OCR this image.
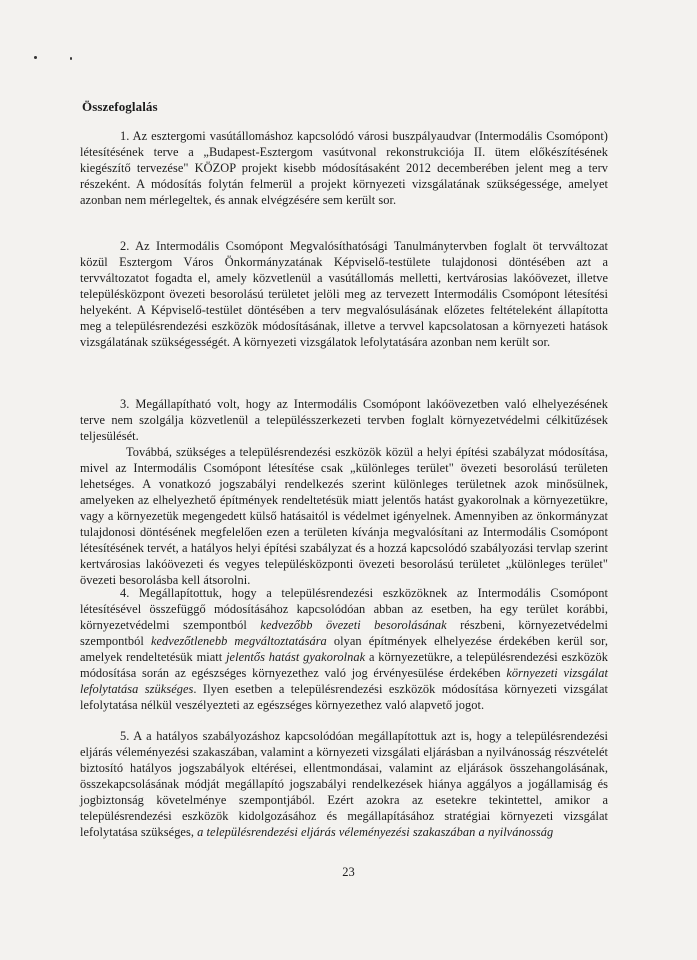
Összefoglalás

1. Az esztergomi vasútállomáshoz kapcsolódó városi buszpályaudvar (Intermodális Csomópont) létesítésének terve a „Budapest-Esztergom vasútvonal rekonstrukciója II. ütem előkészítésének kiegészítő tervezése" KÖZOP projekt kisebb módosításaként 2012 decemberében jelent meg a terv részeként. A módosítás folytán felmerül a projekt környezeti vizsgálatának szükségessége, amelyet azonban nem mérlegeltek, és annak elvégzésére sem került sor.

2. Az Intermodális Csomópont Megvalósíthatósági Tanulmánytervben foglalt öt tervváltozat közül Esztergom Város Önkormányzatának Képviselő-testülete tulajdonosi döntésében azt a tervváltozatot fogadta el, amely közvetlenül a vasútállomás melletti, kertvárosias lakóövezet, illetve településközpont övezeti besorolású területet jelöli meg az tervezett Intermodális Csomópont létesítési helyeként. A Képviselő-testület döntésében a terv megvalósulásának előzetes feltételeként állapította meg a településrendezési eszközök módosításának, illetve a tervvel kapcsolatosan a környezeti hatások vizsgálatának szükségességét. A környezeti vizsgálatok lefolytatására azonban nem került sor.

3. Megállapítható volt, hogy az Intermodális Csomópont lakóövezetben való elhelyezésének terve nem szolgálja közvetlenül a településszerkezeti tervben foglalt környezetvédelmi célkitűzések teljesülését.

Továbbá, szükséges a településrendezési eszközök közül a helyi építési szabályzat módosítása, mivel az Intermodális Csomópont létesítése csak „különleges terület" övezeti besorolású területen lehetséges. A vonatkozó jogszabályi rendelkezés szerint különleges területnek azok minősülnek, amelyeken az elhelyezhető építmények rendeltetésük miatt jelentős hatást gyakorolnak a környezetükre, vagy a környezetük megengedett külső hatásaitól is védelmet igényelnek. Amennyiben az önkormányzat tulajdonosi döntésének megfelelően ezen a területen kívánja megvalósítani az Intermodális Csomópont létesítésének tervét, a hatályos helyi építési szabályzat és a hozzá kapcsolódó szabályozási tervlap szerint kertvárosias lakóövezeti és vegyes településközponti övezeti besorolású területet „különleges terület" övezeti besorolásba kell átsorolni.

4. Megállapítottuk, hogy a településrendezési eszközöknek az Intermodális Csomópont létesítésével összefüggő módosításához kapcsolódóan abban az esetben, ha egy terület korábbi, környezetvédelmi szempontból kedvezőbb övezeti besorolásának részbeni, környezetvédelmi szempontból kedvezőtlenebb megváltoztatására olyan építmények elhelyezése érdekében kerül sor, amelyek rendeltetésük miatt jelentős hatást gyakorolnak a környezetükre, a településrendezési eszközök módosítása során az egészséges környezethez való jog érvényesülése érdekében környezeti vizsgálat lefolytatása szükséges. Ilyen esetben a településrendezési eszközök módosítása környezeti vizsgálat lefolytatása nélkül veszélyezteti az egészséges környezethez való alapvető jogot.

5. A a hatályos szabályozáshoz kapcsolódóan megállapítottuk azt is, hogy a településrendezési eljárás véleményezési szakaszában, valamint a környezeti vizsgálati eljárásban a nyilvánosság részvételét biztosító hatályos jogszabályok eltérései, ellentmondásai, valamint az eljárások összehangolásának, összekapcsolásának módját megállapító jogszabályi rendelkezések hiánya aggályos a jogállamiság és jogbiztonság követelménye szempontjából. Ezért azokra az esetekre tekintettel, amikor a településrendezési eszközök kidolgozásához és megállapításához stratégiai környezeti vizsgálat lefolytatása szükséges, a településrendezési eljárás véleményezési szakaszában a nyilvánosság

23
